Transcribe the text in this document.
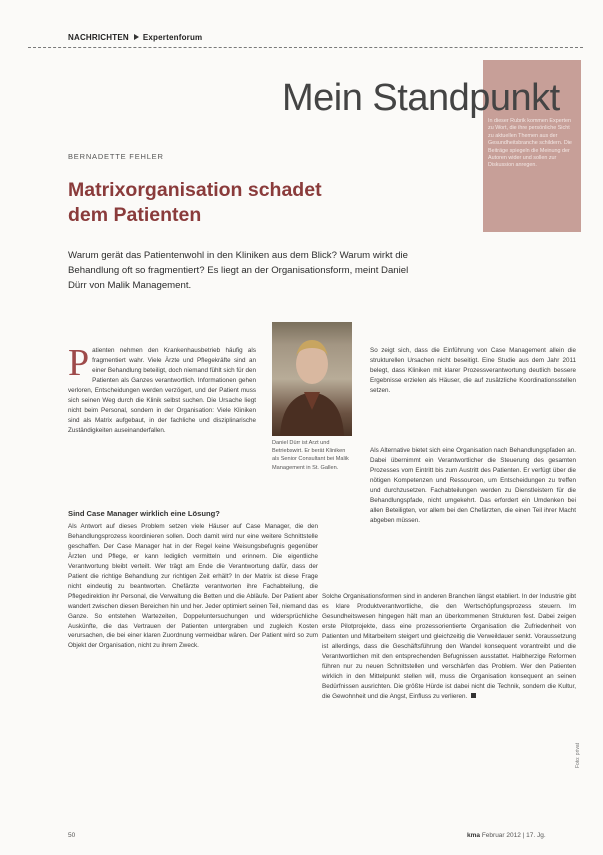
NACHRICHTEN Expertenforum
In dieser Rubrik kommen Experten zu Wort, die ihre persönliche Sicht zu aktuellen Themen aus der Gesundheitsbranche schildern. Die Beiträge spiegeln die Meinung der Autoren wider und sollen zur Diskussion anregen.
Mein Standpunkt
BERNADETTE FEHLER
Matrixorganisation schadet
dem Patienten
Warum gerät das Patientenwohl in den Kliniken aus dem Blick? Warum wirkt die Behandlung oft so fragmentiert? Es liegt an der Organisationsform, meint Daniel Dürr von Malik Management.
Patienten nehmen den Krankenhausbetrieb häufig als fragmentiert wahr. Viele Ärzte und Pflegekräfte sind an einer Behandlung beteiligt, doch niemand fühlt sich für den Patienten als Ganzes verantwortlich. Informationen gehen verloren, Entscheidungen werden verzögert, und der Patient muss sich seinen Weg durch die Klinik selbst suchen. Die Ursache liegt nicht beim Personal, sondern in der Organisation: Viele Kliniken sind als Matrix aufgebaut, in der fachliche und disziplinarische Zuständigkeiten auseinanderfallen.
Daniel Dürr ist Arzt und Betriebswirt. Er berät Kliniken als Senior Consultant bei Malik Management in St. Gallen.
Sind Case Manager wirklich eine Lösung?
Als Antwort auf dieses Problem setzen viele Häuser auf Case Manager, die den Behandlungsprozess koordinieren sollen. Doch damit wird nur eine weitere Schnittstelle geschaffen. Der Case Manager hat in der Regel keine Weisungsbefugnis gegenüber Ärzten und Pflege, er kann lediglich vermitteln und erinnern. Die eigentliche Verantwortung bleibt verteilt. Wer trägt am Ende die Verantwortung dafür, dass der Patient die richtige Behandlung zur richtigen Zeit erhält? In der Matrix ist diese Frage nicht eindeutig zu beantworten. Chefärzte verantworten ihre Fachabteilung, die Pflegedirektion ihr Personal, die Verwaltung die Betten und die Abläufe. Der Patient aber wandert zwischen diesen Bereichen hin und her. Jeder optimiert seinen Teil, niemand das Ganze. So entstehen Wartezeiten, Doppeluntersuchungen und widersprüchliche Auskünfte, die das Vertrauen der Patienten untergraben und zugleich Kosten verursachen, die bei einer klaren Zuordnung vermeidbar wären. Der Patient wird so zum Objekt der Organisation, nicht zu ihrem Zweck.
So zeigt sich, dass die Einführung von Case Management allein die strukturellen Ursachen nicht beseitigt. Eine Studie aus dem Jahr 2011 belegt, dass Kliniken mit klarer Prozessverantwortung deutlich bessere Ergebnisse erzielen als Häuser, die auf zusätzliche Koordinationsstellen setzen.
Als Alternative bietet sich eine Organisation nach Behandlungspfaden an. Dabei übernimmt ein Verantwortlicher die Steuerung des gesamten Prozesses vom Eintritt bis zum Austritt des Patienten. Er verfügt über die nötigen Kompetenzen und Ressourcen, um Entscheidungen zu treffen und durchzusetzen. Fachabteilungen werden zu Dienstleistern für die Behandlungspfade, nicht umgekehrt. Das erfordert ein Umdenken bei allen Beteiligten, vor allem bei den Chefärzten, die einen Teil ihrer Macht abgeben müssen.
Solche Organisationsformen sind in anderen Branchen längst etabliert. In der Industrie gibt es klare Produktverantwortliche, die den Wertschöpfungsprozess steuern. Im Gesundheitswesen hingegen hält man an überkommenen Strukturen fest. Dabei zeigen erste Pilotprojekte, dass eine prozessorientierte Organisation die Zufriedenheit von Patienten und Mitarbeitern steigert und gleichzeitig die Verweildauer senkt. Voraussetzung ist allerdings, dass die Geschäftsführung den Wandel konsequent vorantreibt und die Verantwortlichen mit den entsprechenden Befugnissen ausstattet. Halbherzige Reformen führen nur zu neuen Schnittstellen und verschärfen das Problem. Wer den Patienten wirklich in den Mittelpunkt stellen will, muss die Organisation konsequent an seinen Bedürfnissen ausrichten. Die größte Hürde ist dabei nicht die Technik, sondern die Kultur, die Gewohnheit und die Angst, Einfluss zu verlieren.
Foto: privat
50	kma Februar 2012 | 17. Jg.
